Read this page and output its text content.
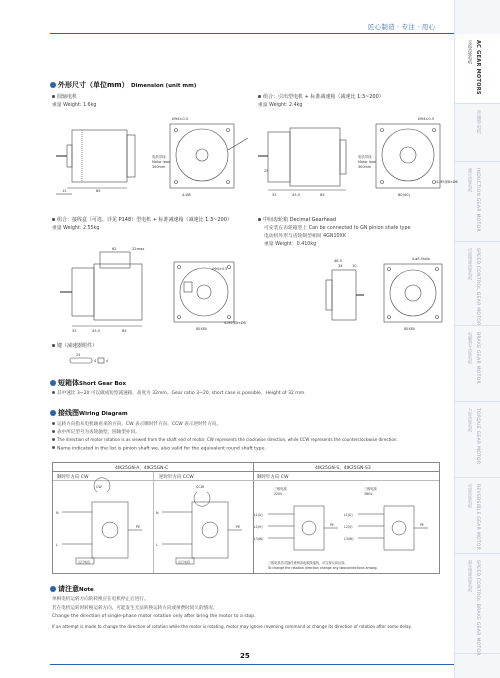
匠心制造 · 专注 · 用心
交流齿轮电机 AC GEAR MOTORS
普通型电机
感应齿轮电机 INDUCTION GEAR MOTOR
可逆调速齿轮电机 SPEED CONTROL GEAR MOTOR
电磁刹车齿轮电机 BRAKE GEAR MOTOR
力矩齿轮电机 TORQUE GEAR MOTOR
可逆齿轮电机 REVERSIBLE GEAR MOTOR
刹车调速齿轮电机 SPEED CONTROL BRAKE GEAR MOTOR
外形尺寸（单位mm） Dimension (unit mm)
圆轴电机
重量 Weight: 1.6kg
组合：引出型电机 + 标准减速箱（减速比 1:3~200）
重量 Weight: 2.4kg
Ø94±0.5
电机导线
Motor lead
300mm
12	85
4-Ø8
Ø94±0.5
电机导线
Motor lead
300mm
25
33	43.5	85	80(40)
4-M5深8×Ø6
组合：接线盒（可选、详见 P148）型电机 + 标准减速箱（减速比 1:3~200）
重量 Weight: 2.55kg
中间齿轮箱 Decimal Gearhead
可安装在齿轮箱型上 Can be connected to GN pinion shafe type
电动机外形与齿轮制型相同 4GN10XK
重量 Weight：0.410kg
62	22max
Ø94±0.5
33	43.5	85	80X80
4-M5深8×Ø6
48.5
34	10
4-ø5.5hole
80X80
键（减速器附件）
25
4	4
短箱体Short Gear Box
其中速比 3~20 可以做成短型减速箱，高度为 32mm。Gear ratio 3~20, short case is possible，Height of 32 mm.
接线图Wiring Diagram
运转方向指从电机轴看来的方向。CW 表示顺时针方向，CCW 表示逆时针方向。
表中所记型号为齿轮轴型，圆轴型亦同。
The direction of motor rotation is as viewed from the shaft end of motor. CW represents the clockwise direction, while CCW represents the counterclockwise direction.
Name indicated in the list is pinion shaft we, also valid for the equivalent round shaft type.
4IK25GN-A、4IK25GN-C	4IK25GN-S、4IK25GN-S3
顺时针方向 CW	逆时针方向 CCW	顺时针方向 CW
CW
N
L
PE
运行电容
CCW
N
L
PE
运行电容
三相电源
220V
三相电源
380V
L1(U)
L2(V)
L3(W)
L1(U)
L2(V)
L3(W)
PE	PE
三相电机若对换任意两条电源线接线，可实现反向运转。
To change the rotation direction change any twoconnections among.
请注意Note
单相电机运转方向的转换应在电机停止后进行。
若在电机运转时转换运转方向，可能发生无法转换运转方向或须费时较久的情况。
Change the direction of single-phase motor rotation only after bring the motor to a stop.
If an attempt is made to change the direction of rotation while the motor is rotating, motor may ignore reversing command or change its direction of rotation after some delay.
25
